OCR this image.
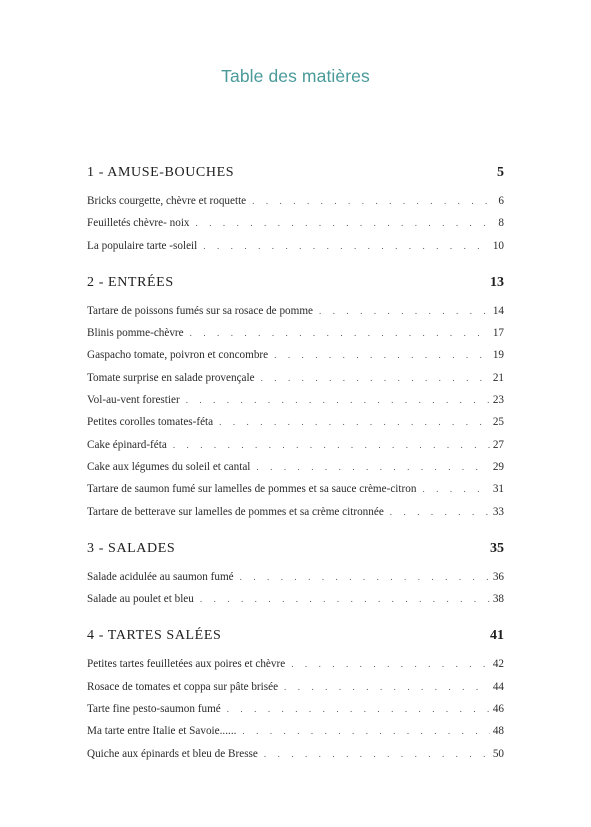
Table des matières
1 - AMUSE-BOUCHES	5
Bricks courgette, chèvre et roquette . . .	6
Feuilletés chèvre- noix . . .	8
La populaire tarte -soleil . . .	10
2 - ENTRÉES	13
Tartare de poissons fumés sur sa rosace de pomme . . .	14
Blinis pomme-chèvre . . .	17
Gaspacho tomate, poivron et concombre . . .	19
Tomate surprise en salade provençale . . .	21
Vol-au-vent forestier . . .	23
Petites corolles tomates-féta . . .	25
Cake épinard-féta . . .	27
Cake aux légumes du soleil et cantal . . .	29
Tartare de saumon fumé sur lamelles de pommes et sa sauce crème-citron . . .	31
Tartare de betterave sur lamelles de pommes et sa crème citronnée . . .	33
3 - SALADES	35
Salade acidulée au saumon fumé . . .	36
Salade au poulet et bleu . . .	38
4 - TARTES SALÉES	41
Petites tartes feuilletées aux poires et chèvre . . .	42
Rosace de tomates et coppa sur pâte brisée . . .	44
Tarte fine pesto-saumon fumé . . .	46
Ma tarte entre Italie et Savoie...... . . .	48
Quiche aux épinards et bleu de Bresse . . .	50
